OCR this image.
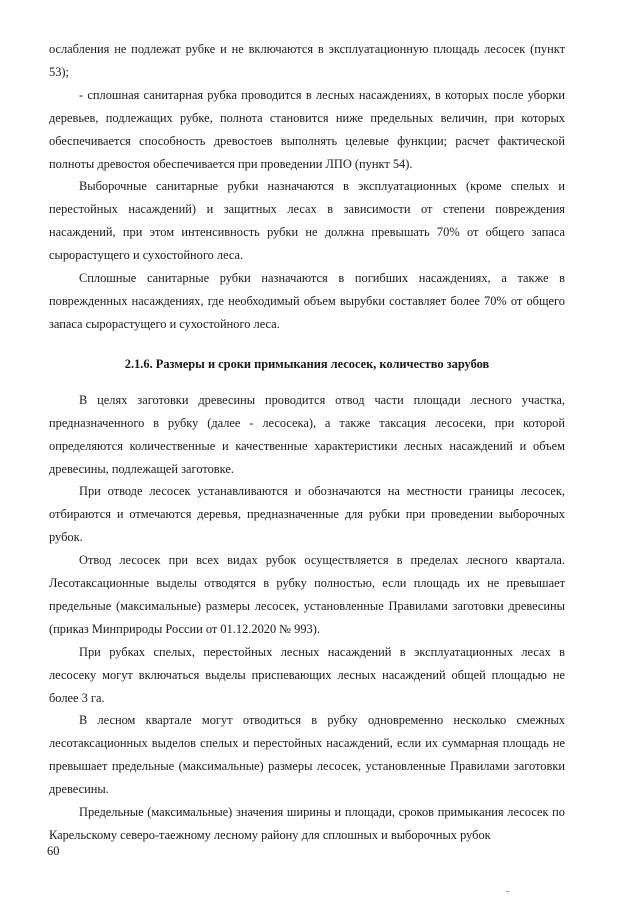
ослабления не подлежат рубке и не включаются в эксплуатационную площадь лесосек (пункт 53);

- сплошная санитарная рубка проводится в лесных насаждениях, в которых после уборки деревьев, подлежащих рубке, полнота становится ниже предельных величин, при которых обеспечивается способность древостоев выполнять целевые функции; расчет фактической полноты древостоя обеспечивается при проведении ЛПО (пункт 54).

Выборочные санитарные рубки назначаются в эксплуатационных (кроме спелых и перестойных насаждений) и защитных лесах в зависимости от степени повреждения насаждений, при этом интенсивность рубки не должна превышать 70% от общего запаса сырорастущего и сухостойного леса.

Сплошные санитарные рубки назначаются в погибших насаждениях, а также в поврежденных насаждениях, где необходимый объем вырубки составляет более 70% от общего запаса сырорастущего и сухостойного леса.

2.1.6. Размеры и сроки примыкания лесосек, количество зарубов

В целях заготовки древесины проводится отвод части площади лесного участка, предназначенного в рубку (далее - лесосека), а также таксация лесосеки, при которой определяются количественные и качественные характеристики лесных насаждений и объем древесины, подлежащей заготовке.

При отводе лесосек устанавливаются и обозначаются на местности границы лесосек, отбираются и отмечаются деревья, предназначенные для рубки при проведении выборочных рубок.

Отвод лесосек при всех видах рубок осуществляется в пределах лесного квартала. Лесотаксационные выделы отводятся в рубку полностью, если площадь их не превышает предельные (максимальные) размеры лесосек, установленные Правилами заготовки древесины (приказ Минприроды России от 01.12.2020 № 993).

При рубках спелых, перестойных лесных насаждений в эксплуатационных лесах в лесосеку могут включаться выделы приспевающих лесных насаждений общей площадью не более 3 га.

В лесном квартале могут отводиться в рубку одновременно несколько смежных лесотаксационных выделов спелых и перестойных насаждений, если их суммарная площадь не превышает предельные (максимальные) размеры лесосек, установленные Правилами заготовки древесины.

Предельные (максимальные) значения ширины и площади, сроков примыкания лесосек по Карельскому северо-таежному лесному району для сплошных и выборочных рубок

60
